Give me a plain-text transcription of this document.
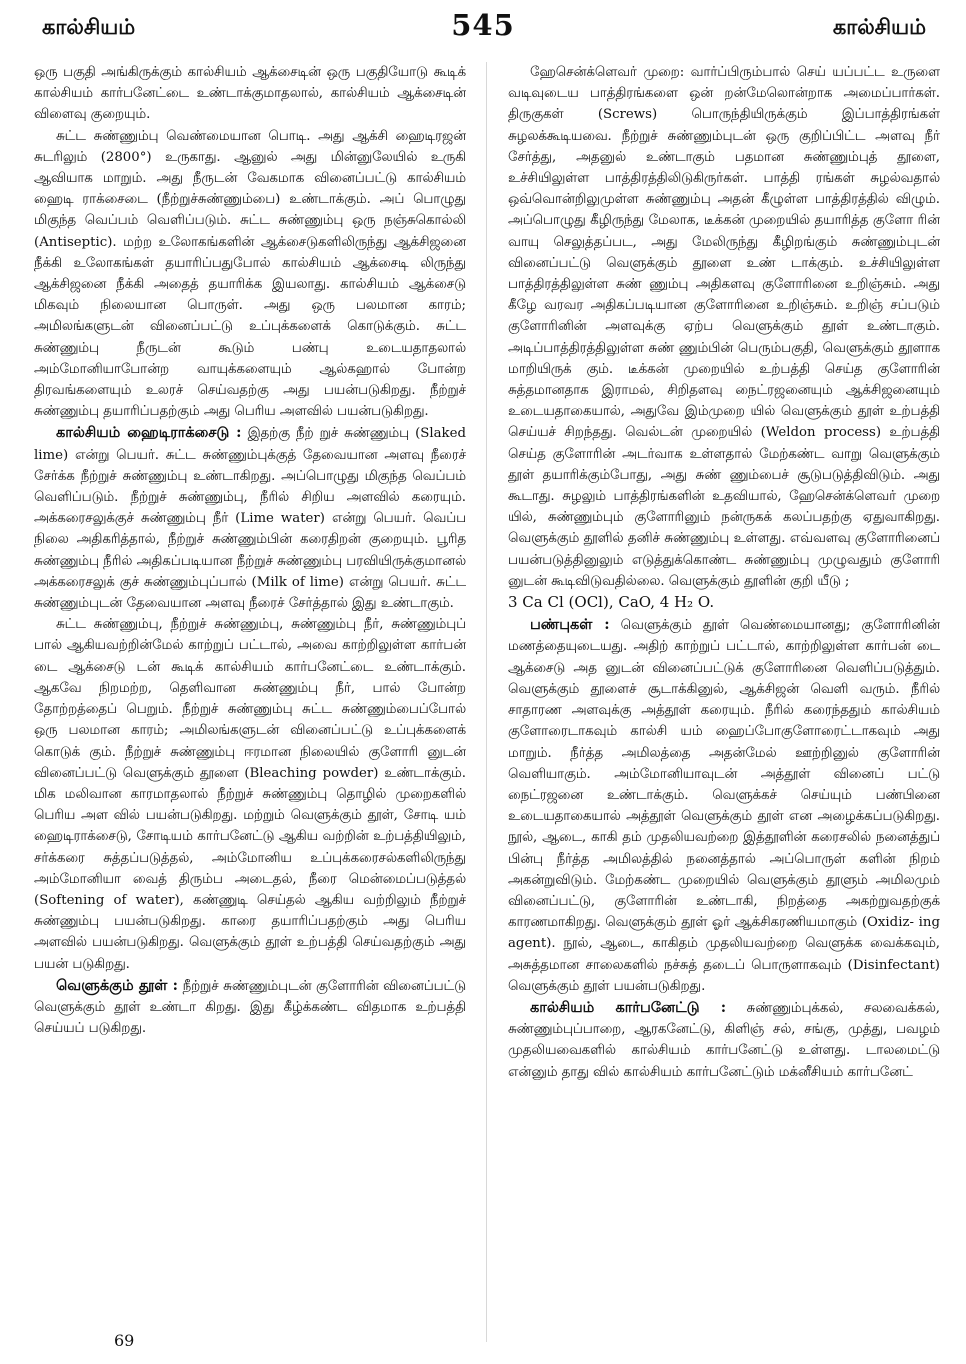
கால்சியம்	545	கால்சியம்

ஒரு பகுதி அங்கிருக்கும் கால்சியம் ஆக்சைடின் ஒரு பகுதியோடு கூடிக் கால்சியம் கார்பனேட்டை உண்டாக்குமாதலால், கால்சியம் ஆக்சைடின் விளைவு குறையும்.

சுட்ட சுண்ணும்பு வெண்மையான பொடி. அது ஆக்சி ஹைடிரஜன் சுடரிலும் (2800°) உருகாது. ஆனுல் அது மின்னுலேயில் உருகி ஆவியாக மாறும். அது நீருடன் வேகமாக வினைப்பட்டு கால்சியம் ஹைடி ராக்சைடை (நீற்றுச்சுண்ணும்பை) உண்டாக்கும். அப் பொழுது மிகுந்த வெப்பம் வெளிப்படும். சுட்ட சுண்ணும்பு ஒரு நஞ்சுகொல்லி (Antiseptic). மற்ற உலோகங்களின் ஆக்சைடுகளிலிருந்து ஆக்சிஜனை நீக்கி உலோகங்கள் தயாரிப்பதுபோல் கால்சியம் ஆக்சைடி லிருந்து ஆக்சிஜனை நீக்கி அதைத் தயாரிக்க இயலாது. கால்சியம் ஆக்சைடு மிகவும் நிலையான பொருள். அது ஒரு பலமான காரம்; அமிலங்களுடன் வினைப்பட்டு உப்புக்களைக் கொடுக்கும். சுட்ட சுண்ணும்பு நீருடன் கூடும் பண்பு உடையதாதலால் அம்மோனியாபோன்ற வாயுக்களையும் ஆல்கஹால் போன்ற திரவங்களையும் உலரச் செய்வதற்கு அது பயன்படுகிறது. நீற்றுச் சுண்ணும்பு தயாரிப்பதற்கும் அது பெரிய அளவில் பயன்படுகிறது.

கால்சியம் ஹைடிராக்சைடு : இதற்கு நீற் றுச் சுண்ணும்பு (Slaked lime) என்று பெயர். சுட்ட சுண்ணும்புக்குத் தேவையான அளவு நீரைச் சேர்க்க நீற்றுச் சுண்ணும்பு உண்டாகிறது. அப்பொழுது மிகுந்த வெப்பம் வெளிப்படும். நீற்றுச் சுண்ணும்பு, நீரில் சிறிய அளவில் கரையும். அக்கரைசலுக்குச் சுண்ணும்பு நீர் (Lime water) என்று பெயர். வெப்ப நிலை அதிகரித்தால், நீற்றுச் சுண்ணும்பின் கரைதிறன் குறையும். பூரித சுண்ணும்பு நீரில் அதிகப்படியான நீற்றுச் சுண்ணும்பு பரவியிருக்குமானல் அக்கரைசலுக் குச் சுண்ணும்புப்பால் (Milk of lime) என்று பெயர். சுட்ட சுண்ணும்புடன் தேவையான அளவு நீரைச் சேர்த்தால் இது உண்டாகும்.

சுட்ட சுண்ணும்பு, நீற்றுச் சுண்ணும்பு, சுண்ணும்பு நீர், சுண்ணும்புப் பால் ஆகியவற்றின்மேல் காற்றுப் பட்டால், அவை காற்றிலுள்ள கார்பன் டை ஆக்சைடு டன் கூடிக் கால்சியம் கார்பனேட்டை உண்டாக்கும். ஆகவே நிறமற்ற, தெளிவான சுண்ணும்பு நீர், பால் போன்ற தோற்றத்தைப் பெறும். நீற்றுச் சுண்ணும்பு சுட்ட சுண்ணும்பைப்போல் ஒரு பலமான காரம்; அமிலங்களுடன் வினைப்பட்டு உப்புக்களைக் கொடுக் கும். நீற்றுச் சுண்ணும்பு ஈரமான நிலையில் குளோரி னுடன் வினைப்பட்டு வெளுக்கும் தூளை (Bleaching powder) உண்டாக்கும். மிக மலிவான காரமாதலால் நீற்றுச் சுண்ணும்பு தொழில் முறைகளில் பெரிய அள வில் பயன்படுகிறது. மற்றும் வெளுக்கும் தூள், சோடி யம் ஹைடிராக்சைடு, சோடியம் கார்பனேட்டு ஆகிய வற்றின் உற்பத்தியிலும், சர்க்கரை சுத்தப்படுத்தல், அம்மோனிய உப்புக்கரைசல்களிலிருந்து அம்மோனியா வைத் திரும்ப அடைதல், நீரை மென்மைப்படுத்தல் (Softening of water), கண்ணுடி செய்தல் ஆகிய வற்றிலும் நீற்றுச் சுண்ணும்பு பயன்படுகிறது. காரை தயாரிப்பதற்கும் அது பெரிய அளவில் பயன்படுகிறது. வெளுக்கும் தூள் உற்பத்தி செய்வதற்கும் அது பயன் படுகிறது.

வெளுக்கும் தூள் : நீற்றுச் சுண்ணும்புடன் குளோரின் வினைப்பட்டு வெளுக்கும் தூள் உண்டா கிறது. இது கீழ்க்கண்ட விதமாக உற்பத்தி செய்யப் படுகிறது.

ஹேசென்க்ளெவர் முறை: வார்ப்பிரும்பால் செய் யப்பட்ட உருளை வடிவுடைய பாத்திரங்களை ஒன் றன்மேலொன்றாக அமைப்பார்கள். திருகுகள் (Screws) பொருந்தியிருக்கும் இப்பாத்திரங்கள் சுழலக்கூடியவை. நீற்றுச் சுண்ணும்புடன் ஒரு குறிப்பிட்ட அளவு நீர் சேர்த்து, அதனுல் உண்டாகும் பதமான சுண்ணும்புத் தூளை, உச்சியிலுள்ள பாத்திரத்திலிடுகிருர்கள். பாத்தி ரங்கள் சுழல்வதால் ஒவ்வொன்றிலுமுள்ள சுண்ணும்பு அதன் கீழுள்ள பாத்திரத்தில் விழும். அப்பொழுது கீழிருந்து மேலாக, டீக்கன் முறையில் தயாரித்த குளோ ரின் வாயு செலுத்தப்பட, அது மேலிருந்து கீழிறங்கும் சுண்ணும்புடன் வினைப்பட்டு வெளுக்கும் தூளை உண் டாக்கும். உச்சியிலுள்ள பாத்திரத்திலுள்ள சுண் ணும்பு அதிகளவு குளோரினை உறிஞ்சும். அது கீழே வரவர அதிகப்படியான குளோரினை உறிஞ்சும். உறிஞ் சப்படும் குளோரினின் அளவுக்கு ஏற்ப வெளுக்கும் தூள் உண்டாகும். அடிப்பாத்திரத்திலுள்ள சுண் ணும்பின் பெரும்பகுதி, வெளுக்கும் தூளாக மாறியிருக் கும். டீக்கன் முறையில் உற்பத்தி செய்த குளோரின் சுத்தமானதாக இராமல், சிறிதளவு நைட்ரஜனையும் ஆக்சிஜனையும் உடையதாகையால், அதுவே இம்முறை யில் வெளுக்கும் தூள் உற்பத்தி செய்யச் சிறந்தது. வெல்டன் முறையில் (Weldon process) உற்பத்தி செய்த குளோரின் அடர்வாக உள்ளதால் மேற்கண்ட வாறு வெளுக்கும் தூள் தயாரிக்கும்போது, அது சுண் ணும்பைச் சூடுபடுத்திவிடும். அது கூடாது. சுழலும் பாத்திரங்களின் உதவியால், ஹேசென்க்ளெவர் முறை யில், சுண்ணும்பும் குளோரினும் நன்ருகக் கலப்பதற்கு ஏதுவாகிறது. வெளுக்கும் தூளில் தனிச் சுண்ணும்பு உள்ளது. எவ்வளவு குளோரினைப் பயன்படுத்தினுலும் எடுத்துக்கொண்ட சுண்ணும்பு முழுவதும் குளோரி னுடன் கூடிவிடுவதில்லை. வெளுக்கும் தூளின் குறி யீடு ;

3 Ca Cl (OCl), CaO, 4 H₂ O.

பண்புகள் : வெளுக்கும் தூள் வெண்மையானது; குளோரினின் மணத்தையுடையது. அதிற் காற்றுப் பட்டால், காற்றிலுள்ள கார்பன் டை ஆக்சைடு அத னுடன் வினைப்பட்டுக் குளோரினை வெளிப்படுத்தும். வெளுக்கும் தூளைச் சூடாக்கினுல், ஆக்சிஜன் வெளி வரும். நீரில் சாதாரண அளவுக்கு அத்தூள் கரையும். நீரில் கரைந்ததும் கால்சியம் குளோரைடாகவும் கால்சி யம் ஹைப்போகுளோரைட்டாகவும் அது மாறும். நீர்த்த அமிலத்தை அதன்மேல் ஊற்றினுல் குளோரின் வெளியாகும். அம்மோனியாவுடன் அத்தூள் வினைப் பட்டு நைட்ரஜனை உண்டாக்கும். வெளுக்கச் செய்யும் பண்பினை உடையதாகையால் அத்தூள் வெளுக்கும் தூள் என அழைக்கப்படுகிறது. நூல், ஆடை, காகி தம் முதலியவற்றை இத்தூளின் கரைசலில் நனைத்துப் பின்பு நீர்த்த அமிலத்தில் நனைத்தால் அப்பொருள் களின் நிறம் அகன்றுவிடும். மேற்கண்ட முறையில் வெளுக்கும் தூளும் அமிலமும் வினைப்பட்டு, குளோரின் உண்டாகி, நிறத்தை அகற்றுவதற்குக் காரணமாகிறது. வெளுக்கும் தூள் ஓர் ஆக்சிகரணியமாகும் (Oxidiz- ing agent). நூல், ஆடை, காகிதம் முதலியவற்றை வெளுக்க வைக்கவும், அசுத்தமான சாலைகளில் நச்சுத் தடைப் பொருளாகவும் (Disinfectant) வெளுக்கும் தூள் பயன்படுகிறது.

கால்சியம் கார்பனேட்டு : சுண்ணும்புக்கல், சலவைக்கல், சுண்ணும்புப்பாறை, ஆரகனேட்டு, கிளிஞ் சல், சங்கு, முத்து, பவழம் முதலியவைகளில் கால்சியம் கார்பனேட்டு உள்ளது. டாலமைட்டு என்னும் தாது வில் கால்சியம் கார்பனேட்டும் மக்னீசியம் கார்பனேட்

69
